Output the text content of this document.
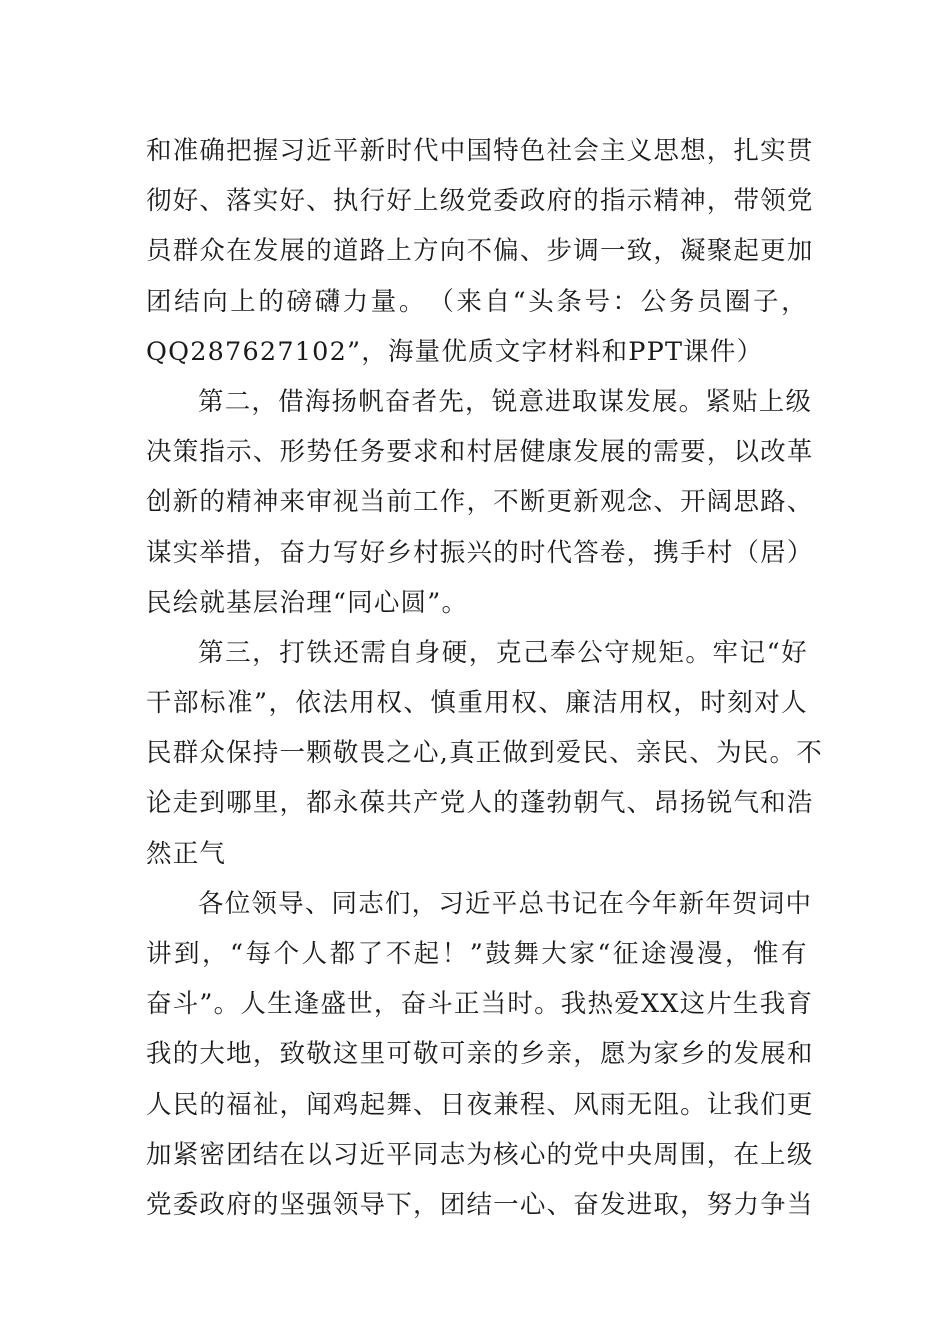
和 准 确 把 握 习 近 平 新 时 代 中 国 特 色 社 会 主 义 思 想 ， 扎 实 贯
彻 好 、 落 实 好 、 执 行 好 上 级 党 委 政 府 的 指 示 精 神 ， 带 领 党
员 群 众 在 发 展 的 道 路 上 方 向 不 偏 、 步 调 一 致 ， 凝 聚 起 更 加
团 结 向 上 的 磅 礴 力 量 。 （ 来 自 “ 头 条 号 ： 公 务 员 圈 子 ，
QQ287627102”，海量优质文字材料和PPT课件）
第 二 ， 借 海 扬 帆 奋 者 先 ， 锐 意 进 取 谋 发 展 。 紧 贴 上 级
决 策 指 示 、 形 势 任 务 要 求 和 村 居 健 康 发 展 的 需 要 ， 以 改 革
创 新 的 精 神 来 审 视 当 前 工 作 ， 不 断 更 新 观 念 、 开 阔 思 路 、
谋 实 举 措 ， 奋 力 写 好 乡 村 振 兴 的 时 代 答 卷 ， 携 手 村 （ 居 ）
民绘就基层治理“同心圆”。
第 三 ， 打 铁 还 需 自 身 硬 ， 克 己 奉 公 守 规 矩 。 牢 记 “ 好
干 部 标 准 ” ， 依 法 用 权 、 慎 重 用 权 、 廉 洁 用 权 ， 时 刻 对 人
民 群 众 保 持 一 颗 敬 畏 之 心 , 真 正 做 到 爱 民 、 亲 民 、 为 民 。 不
论 走 到 哪 里 ， 都 永 葆 共 产 党 人 的 蓬 勃 朝 气 、 昂 扬 锐 气 和 浩
然正气
各 位 领 导 、 同 志 们 ， 习 近 平 总 书 记 在 今 年 新 年 贺 词 中
讲 到 ， “ 每 个 人 都 了 不 起 ！ ” 鼓 舞 大 家 “ 征 途 漫 漫 ， 惟 有
奋 斗 ” 。 人 生 逢 盛 世 ， 奋 斗 正 当 时 。 我 热 爱 X X 这 片 生 我 育
我 的 大 地 ， 致 敬 这 里 可 敬 可 亲 的 乡 亲 ， 愿 为 家 乡 的 发 展 和
人 民 的 福 祉 ， 闻 鸡 起 舞 、 日 夜 兼 程 、 风 雨 无 阻 。 让 我 们 更
加 紧 密 团 结 在 以 习 近 平 同 志 为 核 心 的 党 中 央 周 围 ， 在 上 级
党 委 政 府 的 坚 强 领 导 下 ， 团 结 一 心 、 奋 发 进 取 ， 努 力 争 当
